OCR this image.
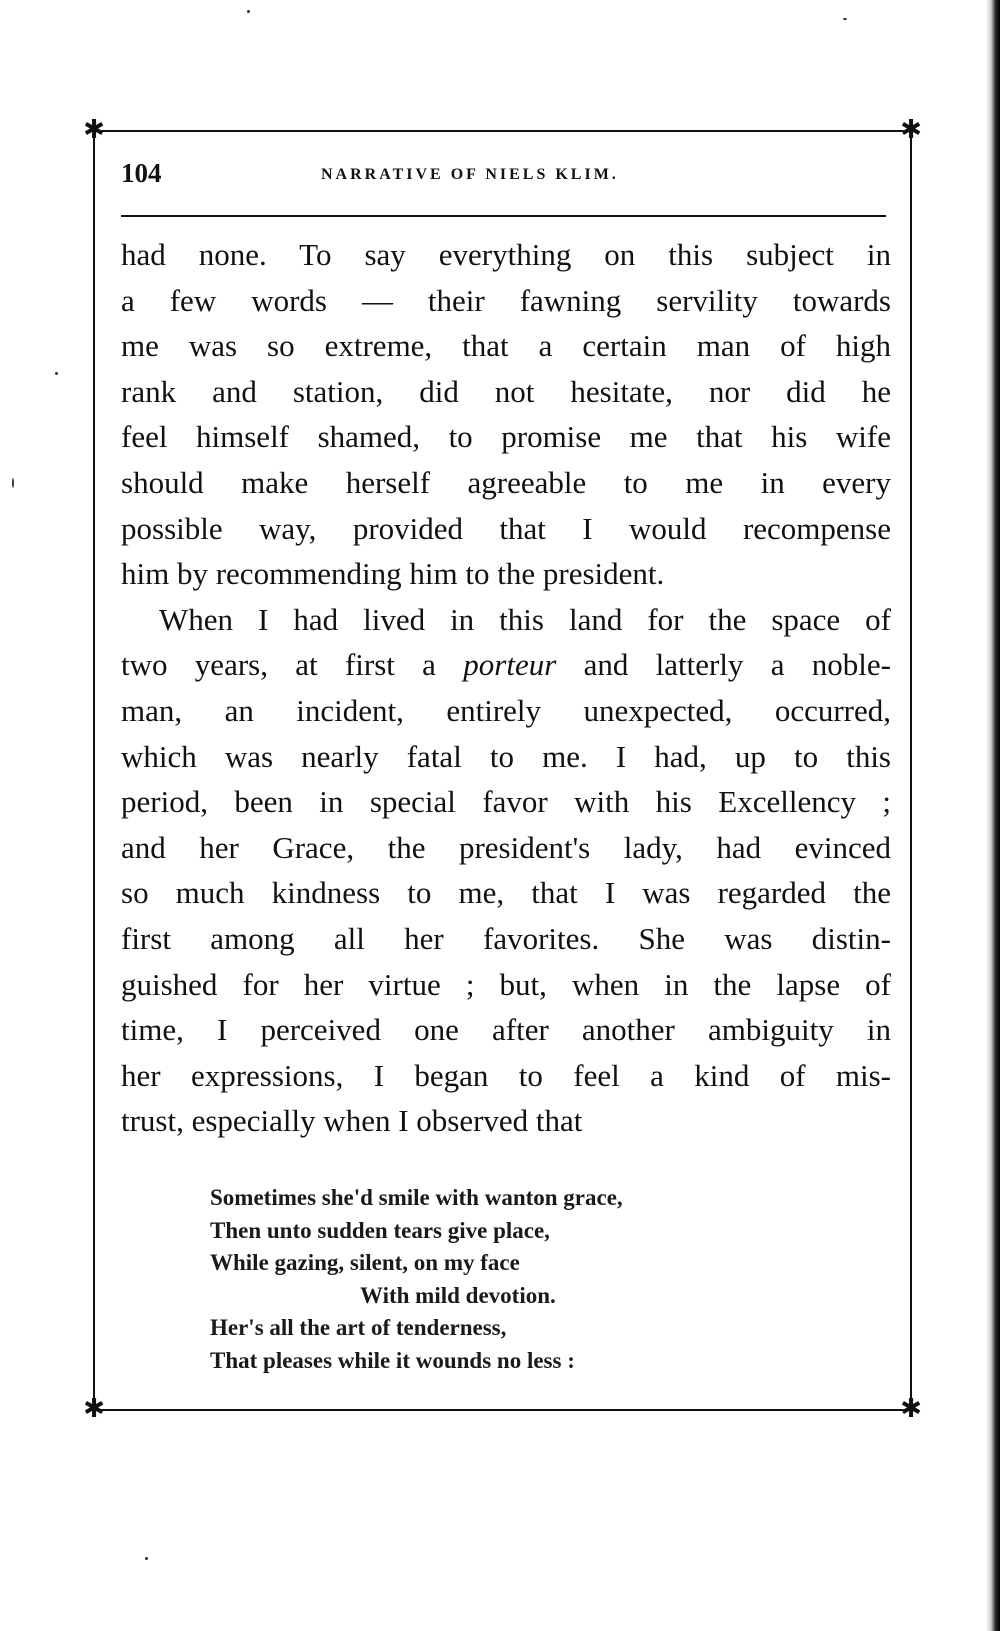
✱	✱
✱	✱
104	NARRATIVE OF NIELS KLIM.
had none. To say everything on this subject in
a few words — their fawning servility towards
me was so extreme, that a certain man of high
rank and station, did not hesitate, nor did he
feel himself shamed, to promise me that his wife
should make herself agreeable to me in every
possible way, provided that I would recompense
him by recommending him to the president.
When I had lived in this land for the space of
two years, at first a porteur and latterly a noble-
man, an incident, entirely unexpected, occurred,
which was nearly fatal to me. I had, up to this
period, been in special favor with his Excellency ;
and her Grace, the president's lady, had evinced
so much kindness to me, that I was regarded the
first among all her favorites. She was distin-
guished for her virtue ; but, when in the lapse of
time, I perceived one after another ambiguity in
her expressions, I began to feel a kind of mis-
trust, especially when I observed that
Sometimes she'd smile with wanton grace,
Then unto sudden tears give place,
While gazing, silent, on my face
With mild devotion.
Her's all the art of tenderness,
That pleases while it wounds no less :
